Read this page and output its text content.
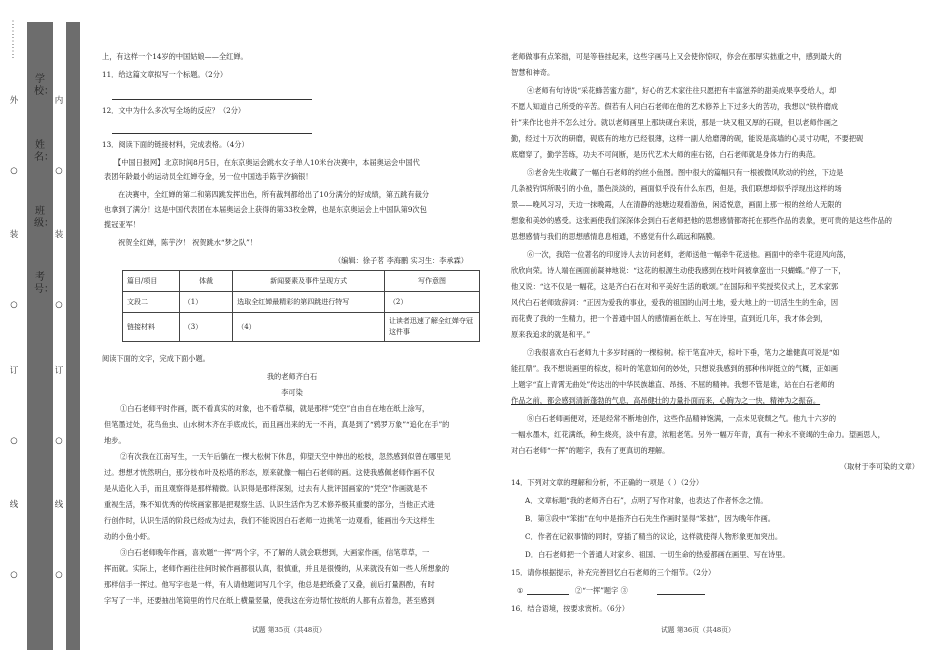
⋮
⋮
⋮
⋮
外
○
装
○
订
○
线
○
学校：
姓名：
班级：
考号：
内
○
装
○
订
○
线
○
上，有这样一个14岁的中国姑娘——全红婵。
11．给这篇文章拟写一个标题。（2分）
12．文中为什么多次写全场的反应？（2分）
13．阅读下面的链接材料，完成表格。（4分）
【中国日报网】北京时间8月5日，在东京奥运会跳水女子单人10米台决赛中，本届奥运会中国代
表团年龄最小的运动员全红婵夺金，另一位中国选手陈芋汐摘银！
在决赛中，全红婵的第二和第四跳发挥出色，所有裁判都给出了10分满分的好成绩，第五跳有裁分
也拿到了满分！这是中国代表团在本届奥运会上获得的第33枚金牌，也是东京奥运会上中国队第9次包
揽冠亚军！
祝贺全红婵，陈芋汐！ 祝贺跳水“梦之队”！
（编辑：徐子茗 李海鹏 实习生：李承霖）
篇目/项目	体裁	新闻要素及事件呈现方式	写作意图
文段二	（1）	选取全红婵最精彩的第四跳进行特写	（2）
链接材料	（3）	（4）	让读者迅速了解全红婵夺冠这件事
阅读下面的文字，完成下面小题。
我的老师齐白石
李可染
①白石老师平时作画，既不看真实的对象，也不看草稿，就是那样“凭空”自由自在地在纸上涂写，
但笔墨过处，花鸟鱼虫、山水树木齐在手底成长，而且画出来的无一不肖，真是到了“鸦罗万象”“追化在手”的
地步。
②有次我在江南写生，一天午后躺在一棵大松树下休息，仰望天空中伸出的松枝，忽然感到似曾在哪里见
过。想想才恍然明白，那分枝布叶及松塔的形态，原来就像一幅白石老师的画。这使我感佩老师作画不仅
是从造化入手，而且观察得是那样精微。认识得是那样深刻，过去有人批评国画家的“凭空”作画就是不
重视生活，殊不知优秀的传统画家都是把观察生活、认识生活作为艺术修养极其重要的部分，当他正式进
行创作时，认识生活的阶段已经成为过去，我们不能说因白石老师一边挑笔一边观看，能画出今天这样生
动的小鱼小虾。
③白石老师晚年作画，喜欢题“一挥”两个字，不了解的人就会联想到，大画家作画，信笔草草，一
挥而就。实际上，老师作画往往何时候作画都很认真，很慎重，并且是很慢的，从来就没有如一些人所想象的
那样信手一挥过。他写字也是一样，有人请他题词写几个字，他总是把纸叠了又叠，前后打量斟酌，有时
字写了一半，还要抽出笔筒里的竹尺在纸上横量竖量，使我这在旁边帮忙按纸的人都有点着急，甚至感到
试题 第35页（共48页）
老师做事有点笨拙，可是等巷挂起来，这些字画马上又会使你惊叹，你会在那厚实拙重之中，感到最大的
智慧和神奇。
④老师有句诗说“采花蜂苦蜜方甜”，好心的艺术家往往只愿把有丰富滋养的甜美成果享受给人，却
不愿人知道自己所受的辛苦。假若有人问白石老师在他的艺术修养上下过多大的苦功，我想以“铁杵磨成
针”来作比也并不怎么过分。就以老师画里上那块砚台来说，那是一块又粗又厚的石砚，但以老师作画之
勤，经过十万次的研磨，砚底有的地方已经很薄，这样一副人给磨薄的砚，能说是高墙的心灵寸功呢，不要把砚
底磨穿了，勤学苦练，功夫不可间断，是历代艺术大师的座右铭，白石老师就是身体力行的典范。
⑤老舍先生收藏了一幅白石老师的约丝小鱼图。图中很大的篇幅只有一根被微风吹动的钓丝，下边是
几条被钓饵所吸引的小鱼，墨色淡淡的，画面似乎没有什么东西，但是，我们联想却似乎浮现出这样的场
景——晚风习习，天边一抹晚霞，人在清静的池塘边观看游鱼，闲适悦意，画面上那一根的丝给人无限的
想象和美妙的感受。这张画使我们深深体会到白石老师把他的思想感情都寄托在那些作品的表象，更可贵的是这些作品的
思想感情与我们的思想感情息息相通，不感觉有什么疏远和隔膜。
⑥一次，我陪一位著名的印度诗人去访问老师，老师送他一幅牵牛花送他。画面中的牵牛花迎风向荡，
欣欣向荣。诗人端在画面前凝神地说：“这花的根源生动使我感到在枝叶间被拿蛮出一只蝴蝶。”停了一下，
他又说：“这不仅是一幅花，这是齐白石在对和平美好生活的歌颂。”在国际和平奖授奖仪式上，艺术家郭
风代白石老师致辞词：“正因为爱我的事业，爱我的祖国的山河土地，爱大地上的一切活生生的生命，因
而花费了我的一生精力，把一个普通中国人的感情画在纸上、写在诗里，直到近几年，我才体会到，
原来我追求的就是和平。”
⑦我很喜欢白石老师九十多岁时画的一棵棕树。棕干笔直冲天，棕叶下垂，笔力之雄健真可说是“如
能扛鼎”。我不想说画里的棕皮，棕叶的笔意如何的妙处，只想说我感到的那种伟岸挺立的气概，正如画
上题字“直上青霄无曲处”传达出的中华民族雄直、昂扬、不屈的精神。我想不管是谁，站在白石老师的
作品之前，都会感到清新蓬勃的气息，高昂健壮的力量扑面而来，心胸为之一快，精神为之振奋。
⑧白石老师画便对，还是经常不断地创作，这些作品精神饱满，一点未见衰颓之气。他九十六岁的
一幅水墨木，红花满纸，种生烧亮，淡中有意，浓粗老笔。另外一幅万年青，真有一种永不衰竭的生命力。望画思人，
对白石老师“一挥”的题字，我有了更真切的理解。
（取材于李可染的文章）
14．下列对文章的理解和分析，不正确的一项是（ ）（2分）
A．文章标题“我的老师齐白石”，点明了写作对象，也表达了作者怀念之情。
B．第③段中“笨拙”在句中是指齐白石先生作画时显得“笨拙”，因为晚年作画。
C．作者在记叙事情的同时，穿插了精当的议论，这样就使得人物形象更加突出。
D．白石老师把一个普通人对家乡、祖国、一切生命的热爱都画在画里、写在诗里。
15．请你根据提示，补充完善回忆白石老师的三个细节。（2分）
①	②“一挥”题字 ③
16．结合语境，按要求赏析。（6分）
试题 第36页（共48页）
